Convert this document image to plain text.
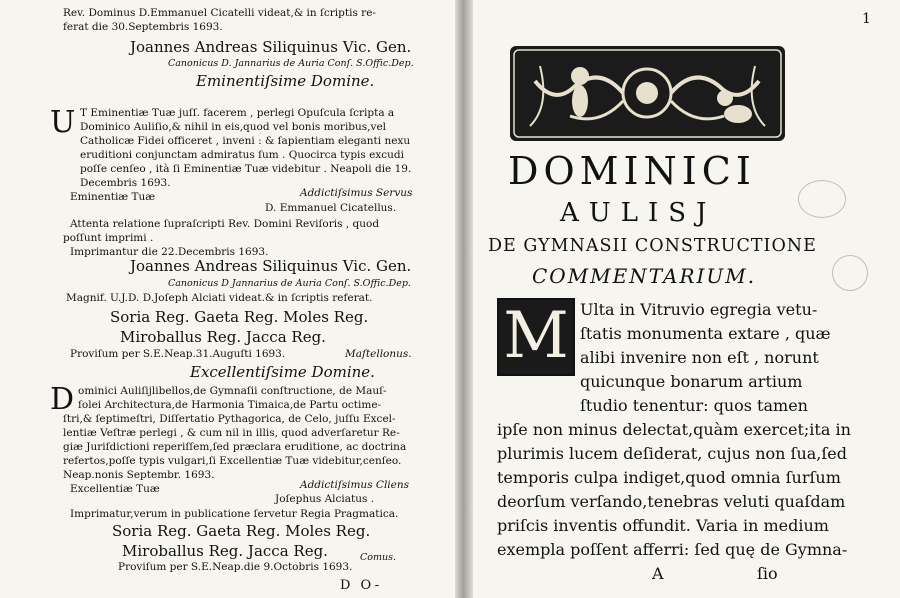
Rev. Dominus D.Emmanuel Cicatelli videat,& in ſcriptis re-
ferat die 30.Septembris 1693.
Joannes Andreas Siliquinus Vic. Gen.
Canonicus D. Jannarius de Auria Conſ. S.Offic.Dep.
Eminentiſsime Domine.
U T Eminentiæ Tuæ juſſ. facerem , perlegi Opuſcula ſcripta a
Dominico Auliſio,& nihil in eis,quod vel bonis moribus,vel
Catholicæ Fidei officeret , inveni : & ſapientiam eleganti nexu
eruditioni conjunctam admiratus ſum . Quocirca typis excudi
poſſe cenſeo , ità ſi Eminentiæ Tuæ videbitur . Neapoli die 19.
Decembris 1693.
Eminentiæ Tuæ	Addictiſsimus Servus
D. Emmanuel Cicatellus.
Attenta relatione ſupraſcripti Rev. Domini Reviſoris , quod
poſſunt imprimi .
Imprimantur die 22.Decembris 1693.
Joannes Andreas Siliquinus Vic. Gen.
Canonicus D Jannarius de Auria Conſ. S.Offic.Dep.
Magnif. U.J.D. D.Joſeph Alciati videat.& in ſcriptis referat.
Soria Reg. Gaeta Reg. Moles Reg.
Miroballus Reg. Jacca Reg.
Proviſum per S.E.Neap.31.Auguſti 1693.	Maſtellonus.
Excellentiſsime Domine.
D ominici Auliſijlibellos,de Gymnaſii conſtructione, de Mauſ-
ſolei Architectura,de Harmonia Timaica,de Partu octime-
ſtri,& ſeptimeſtri, Diſſertatio Pythagorica, de Celo, juſſu Excel-
lentiæ Veſtræ perlegi , & cum nil in illis, quod adverſaretur Re-
giæ Juriſdictioni reperiſſem,ſed præclara eruditione, ac doctrina
refertos,poſſe typis vulgari,ſi Excellentiæ Tuæ videbitur,cenſeo.
Neap.nonis Septembr. 1693.
Excellentiæ Tuæ	Addictiſsimus Cliens
Joſephus Alciatus .
Imprimatur,verum in publicatione ſervetur Regia Pragmatica.
Soria Reg. Gaeta Reg. Moles Reg.
Miroballus Reg. Jacca Reg.
Proviſum per S.E.Neap.die 9.Octobris 1693.
Comus.
D O-
1
DOMINICI
AULISJ
DE GYMNASII CONSTRUCTIONE
COMMENTARIUM.
M Ulta in Vitruvio egregia vetu-
ſtatis monumenta extare , quæ
alibi invenire non eſt , norunt
quicunque bonarum artium
ſtudio tenentur: quos tamen
ipſe non minus delectat,quàm exercet;ita in
plurimis lucem deſiderat, cujus non ſua,ſed
temporis culpa indiget,quod omnia ſurſum
deorſum verſando,tenebras veluti quaſdam
priſcis inventis offundit. Varia in medium
exempla poſſent afferri: ſed quę de Gymna-
A	ſio
